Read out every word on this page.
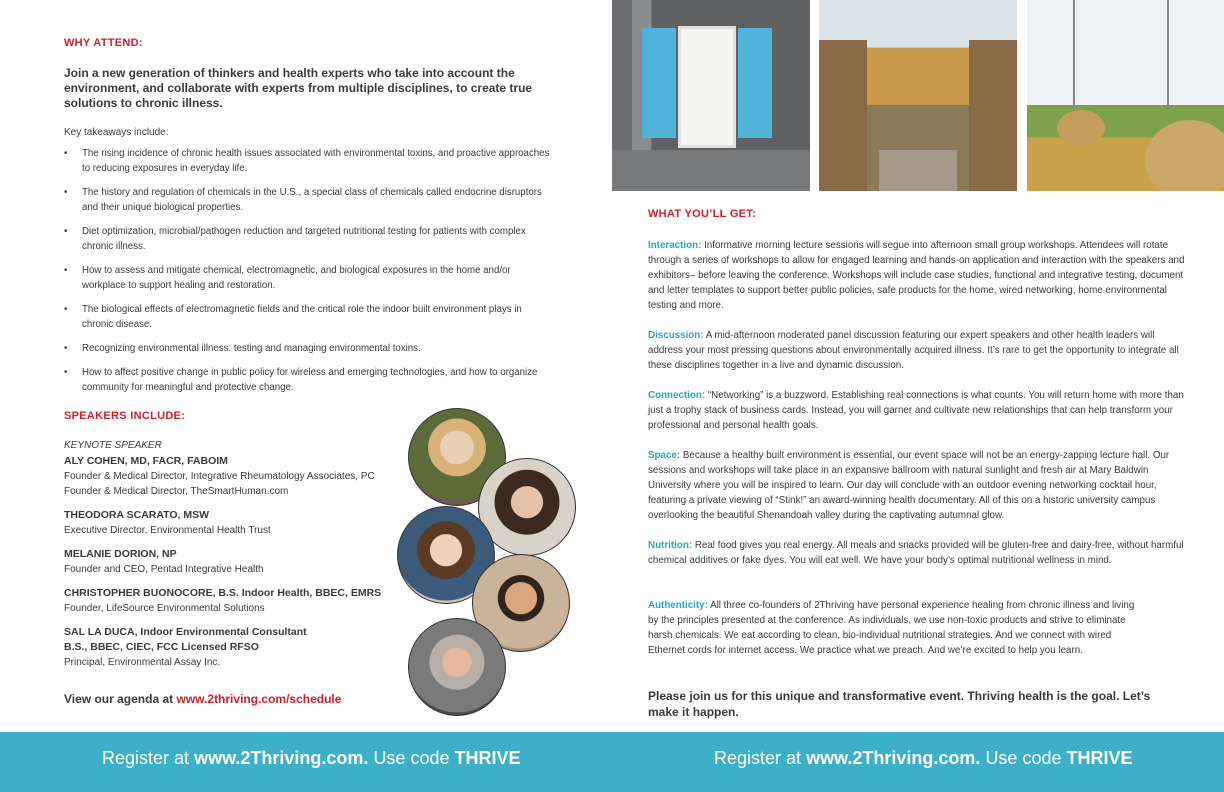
WHY ATTEND:
Join a new generation of thinkers and health experts who take into account the environment, and collaborate with experts from multiple disciplines, to create true solutions to chronic illness.
Key takeaways include:
• The rising incidence of chronic health issues associated with environmental toxins, and proactive approaches to reducing exposures in everyday life.
• The history and regulation of chemicals in the U.S., a special class of chemicals called endocrine disruptors and their unique biological properties.
• Diet optimization, microbial/pathogen reduction and targeted nutritional testing for patients with complex chronic illness.
• How to assess and mitigate chemical, electromagnetic, and biological exposures in the home and/or workplace to support healing and restoration.
• The biological effects of electromagnetic fields and the critical role the indoor built environment plays in chronic disease.
• Recognizing environmental illness: testing and managing environmental toxins.
• How to affect positive change in public policy for wireless and emerging technologies, and how to organize community for meaningful and protective change.
SPEAKERS INCLUDE:
KEYNOTE SPEAKER
ALY COHEN, MD, FACR, FABOIM
Founder & Medical Director, Integrative Rheumatology Associates, PC
Founder & Medical Director, TheSmartHuman.com
THEODORA SCARATO, MSW
Executive Director, Environmental Health Trust
MELANIE DORION, NP
Founder and CEO, Pentad Integrative Health
CHRISTOPHER BUONOCORE, B.S. Indoor Health, BBEC, EMRS
Founder, LifeSource Environmental Solutions
SAL LA DUCA, Indoor Environmental Consultant
B.S., BBEC, CIEC, FCC Licensed RFSO
Principal, Environmental Assay Inc.
View our agenda at www.2thriving.com/schedule
WHAT YOU’LL GET:
Interaction: Informative morning lecture sessions will segue into afternoon small group workshops. Attendees will rotate through a series of workshops to allow for engaged learning and hands-on application and interaction with the speakers and exhibitors– before leaving the conference. Workshops will include case studies, functional and integrative testing, document and letter templates to support better public policies, safe products for the home, wired networking, home environmental testing and more.
Discussion: A mid-afternoon moderated panel discussion featuring our expert speakers and other health leaders will address your most pressing questions about environmentally acquired illness. It’s rare to get the opportunity to integrate all these disciplines together in a live and dynamic discussion.
Connection: “Networking” is a buzzword. Establishing real connections is what counts. You will return home with more than just a trophy stack of business cards. Instead, you will garner and cultivate new relationships that can help transform your professional and personal health goals.
Space: Because a healthy built environment is essential, our event space will not be an energy-zapping lecture hall. Our sessions and workshops will take place in an expansive ballroom with natural sunlight and fresh air at Mary Baldwin University where you will be inspired to learn. Our day will conclude with an outdoor evening networking cocktail hour, featuring a private viewing of “Stink!” an award-winning health documentary. All of this on a historic university campus overlooking the beautiful Shenandoah valley during the captivating autumnal glow.
Nutrition: Real food gives you real energy. All meals and snacks provided will be gluten-free and dairy-free, without harmful chemical additives or fake dyes. You will eat well. We have your body’s optimal nutritional wellness in mind.
Authenticity: All three co-founders of 2Thriving have personal experience healing from chronic illness and living by the principles presented at the conference. As individuals, we use non-toxic products and strive to eliminate harsh chemicals. We eat according to clean, bio-individual nutritional strategies. And we connect with wired Ethernet cords for internet access. We practice what we preach. And we’re excited to help you learn.
Please join us for this unique and transformative event. Thriving health is the goal. Let’s make it happen.
Register at www.2Thriving.com. Use code THRIVE	Register at www.2Thriving.com. Use code THRIVE
